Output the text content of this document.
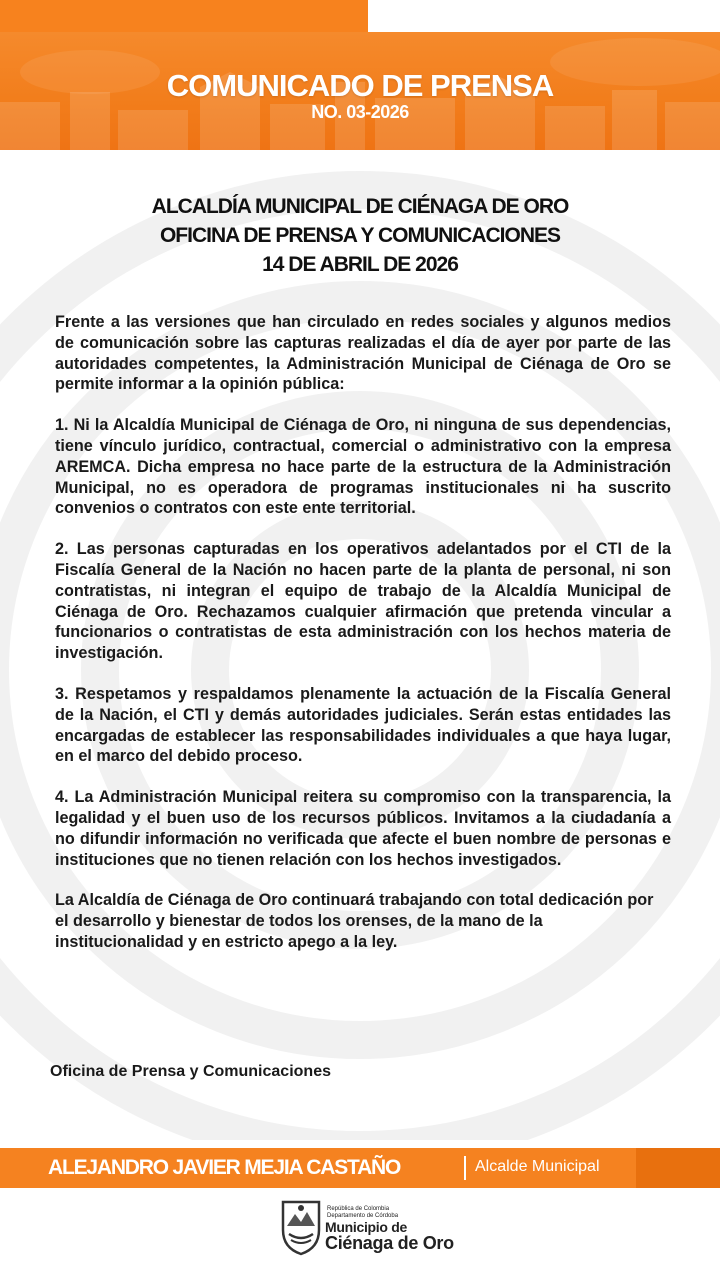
COMUNICADO DE PRENSA
NO. 03-2026
ALCALDÍA MUNICIPAL DE CIÉNAGA DE ORO
OFICINA DE PRENSA Y COMUNICACIONES
14 DE ABRIL DE 2026

Frente a las versiones que han circulado en redes sociales y algunos medios de comunicación sobre las capturas realizadas el día de ayer por parte de las autoridades competentes, la Administración Municipal de Ciénaga de Oro se permite informar a la opinión pública:

1. Ni la Alcaldía Municipal de Ciénaga de Oro, ni ninguna de sus dependencias, tiene vínculo jurídico, contractual, comercial o administrativo con la empresa AREMCA. Dicha empresa no hace parte de la estructura de la Administración Municipal, no es operadora de programas institucionales ni ha suscrito convenios o contratos con este ente territorial.

2. Las personas capturadas en los operativos adelantados por el CTI de la Fiscalía General de la Nación no hacen parte de la planta de personal, ni son contratistas, ni integran el equipo de trabajo de la Alcaldía Municipal de Ciénaga de Oro. Rechazamos cualquier afirmación que pretenda vincular a funcionarios o contratistas de esta administración con los hechos materia de investigación.

3. Respetamos y respaldamos plenamente la actuación de la Fiscalía General de la Nación, el CTI y demás autoridades judiciales. Serán estas entidades las encargadas de establecer las responsabilidades individuales a que haya lugar, en el marco del debido proceso.

4. La Administración Municipal reitera su compromiso con la transparencia, la legalidad y el buen uso de los recursos públicos. Invitamos a la ciudadanía a no difundir información no verificada que afecte el buen nombre de personas e instituciones que no tienen relación con los hechos investigados.

La Alcaldía de Ciénaga de Oro continuará trabajando con total dedicación por el desarrollo y bienestar de todos los orenses, de la mano de la institucionalidad y en estricto apego a la ley.

Oficina de Prensa y Comunicaciones
ALEJANDRO JAVIER MEJIA CASTAÑO	Alcalde Municipal
República de Colombia
Departamento de Córdoba
Municipio de
Ciénaga de Oro
